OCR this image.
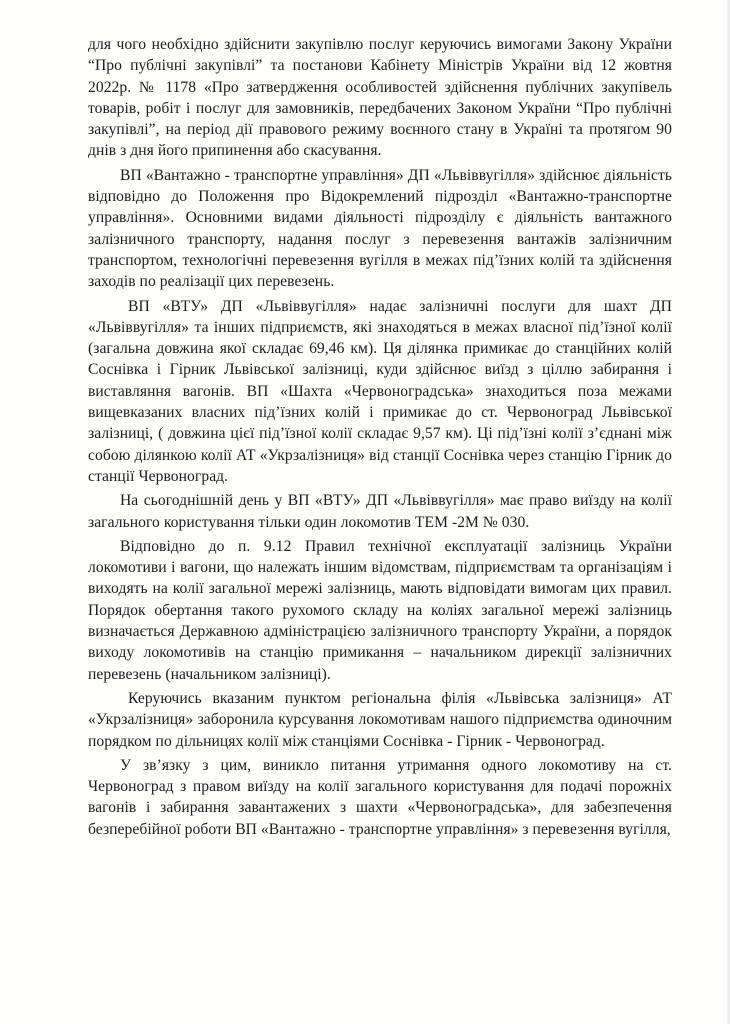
для чого необхідно здійснити закупівлю послуг керуючись вимогами Закону України “Про публічні закупівлі” та постанови Кабінету Міністрів України від 12 жовтня 2022р. № 1178 «Про затвердження особливостей здійснення публічних закупівель товарів, робіт і послуг для замовників, передбачених Законом України “Про публічні закупівлі”, на період дії правового режиму воєнного стану в Україні та протягом 90 днів з дня його припинення або скасування.

ВП «Вантажно - транспортне управління» ДП «Львіввугілля» здійснює діяльність відповідно до Положення про Відокремлений підрозділ «Вантажно-транспортне управління». Основними видами діяльності підрозділу є діяльність вантажного залізничного транспорту, надання послуг з перевезення вантажів залізничним транспортом, технологічні перевезення вугілля в межах під’їзних колій та здійснення заходів по реалізації цих перевезень.

ВП «ВТУ» ДП «Львіввугілля» надає залізничні послуги для шахт ДП «Львіввугілля» та інших підприємств, які знаходяться в межах власної під’їзної колії (загальна довжина якої складає 69,46 км). Ця ділянка примикає до станційних колій Соснівка і Гірник Львівської залізниці, куди здійснює виїзд з ціллю забирання і виставляння вагонів. ВП «Шахта «Червоноградська» знаходиться поза межами вищевказаних власних під’їзних колій і примикає до ст. Червоноград Львівської залізниці, ( довжина цієї під’їзної колії складає 9,57 км). Ці під’їзні колії з’єднані між собою ділянкою колії АТ «Укрзалізниця» від станції Соснівка через станцію Гірник до станції Червоноград.

На сьогоднішній день у ВП «ВТУ» ДП «Львіввугілля» має право виїзду на колії загального користування тільки один локомотив ТЕМ -2М № 030.

Відповідно до п. 9.12 Правил технічної експлуатації залізниць України локомотиви і вагони, що належать іншим відомствам, підприємствам та організаціям і виходять на колії загальної мережі залізниць, мають відповідати вимогам цих правил. Порядок обертання такого рухомого складу на коліях загальної мережі залізниць визначається Державною адміністрацією залізничного транспорту України, а порядок виходу локомотивів на станцію примикання – начальником дирекції залізничних перевезень (начальником залізниці).

Керуючись вказаним пунктом регіональна філія «Львівська залізниця» АТ «Укрзалізниця» заборонила курсування локомотивам нашого підприємства одиночним порядком по дільницях колії між станціями Соснівка - Гірник - Червоноград.

У зв’язку з цим, виникло питання утримання одного локомотиву на ст. Червоноград з правом виїзду на колії загального користування для подачі порожніх вагонів і забирання завантажених з шахти «Червоноградська», для забезпечення безперебійної роботи ВП «Вантажно - транспортне управління» з перевезення вугілля,
